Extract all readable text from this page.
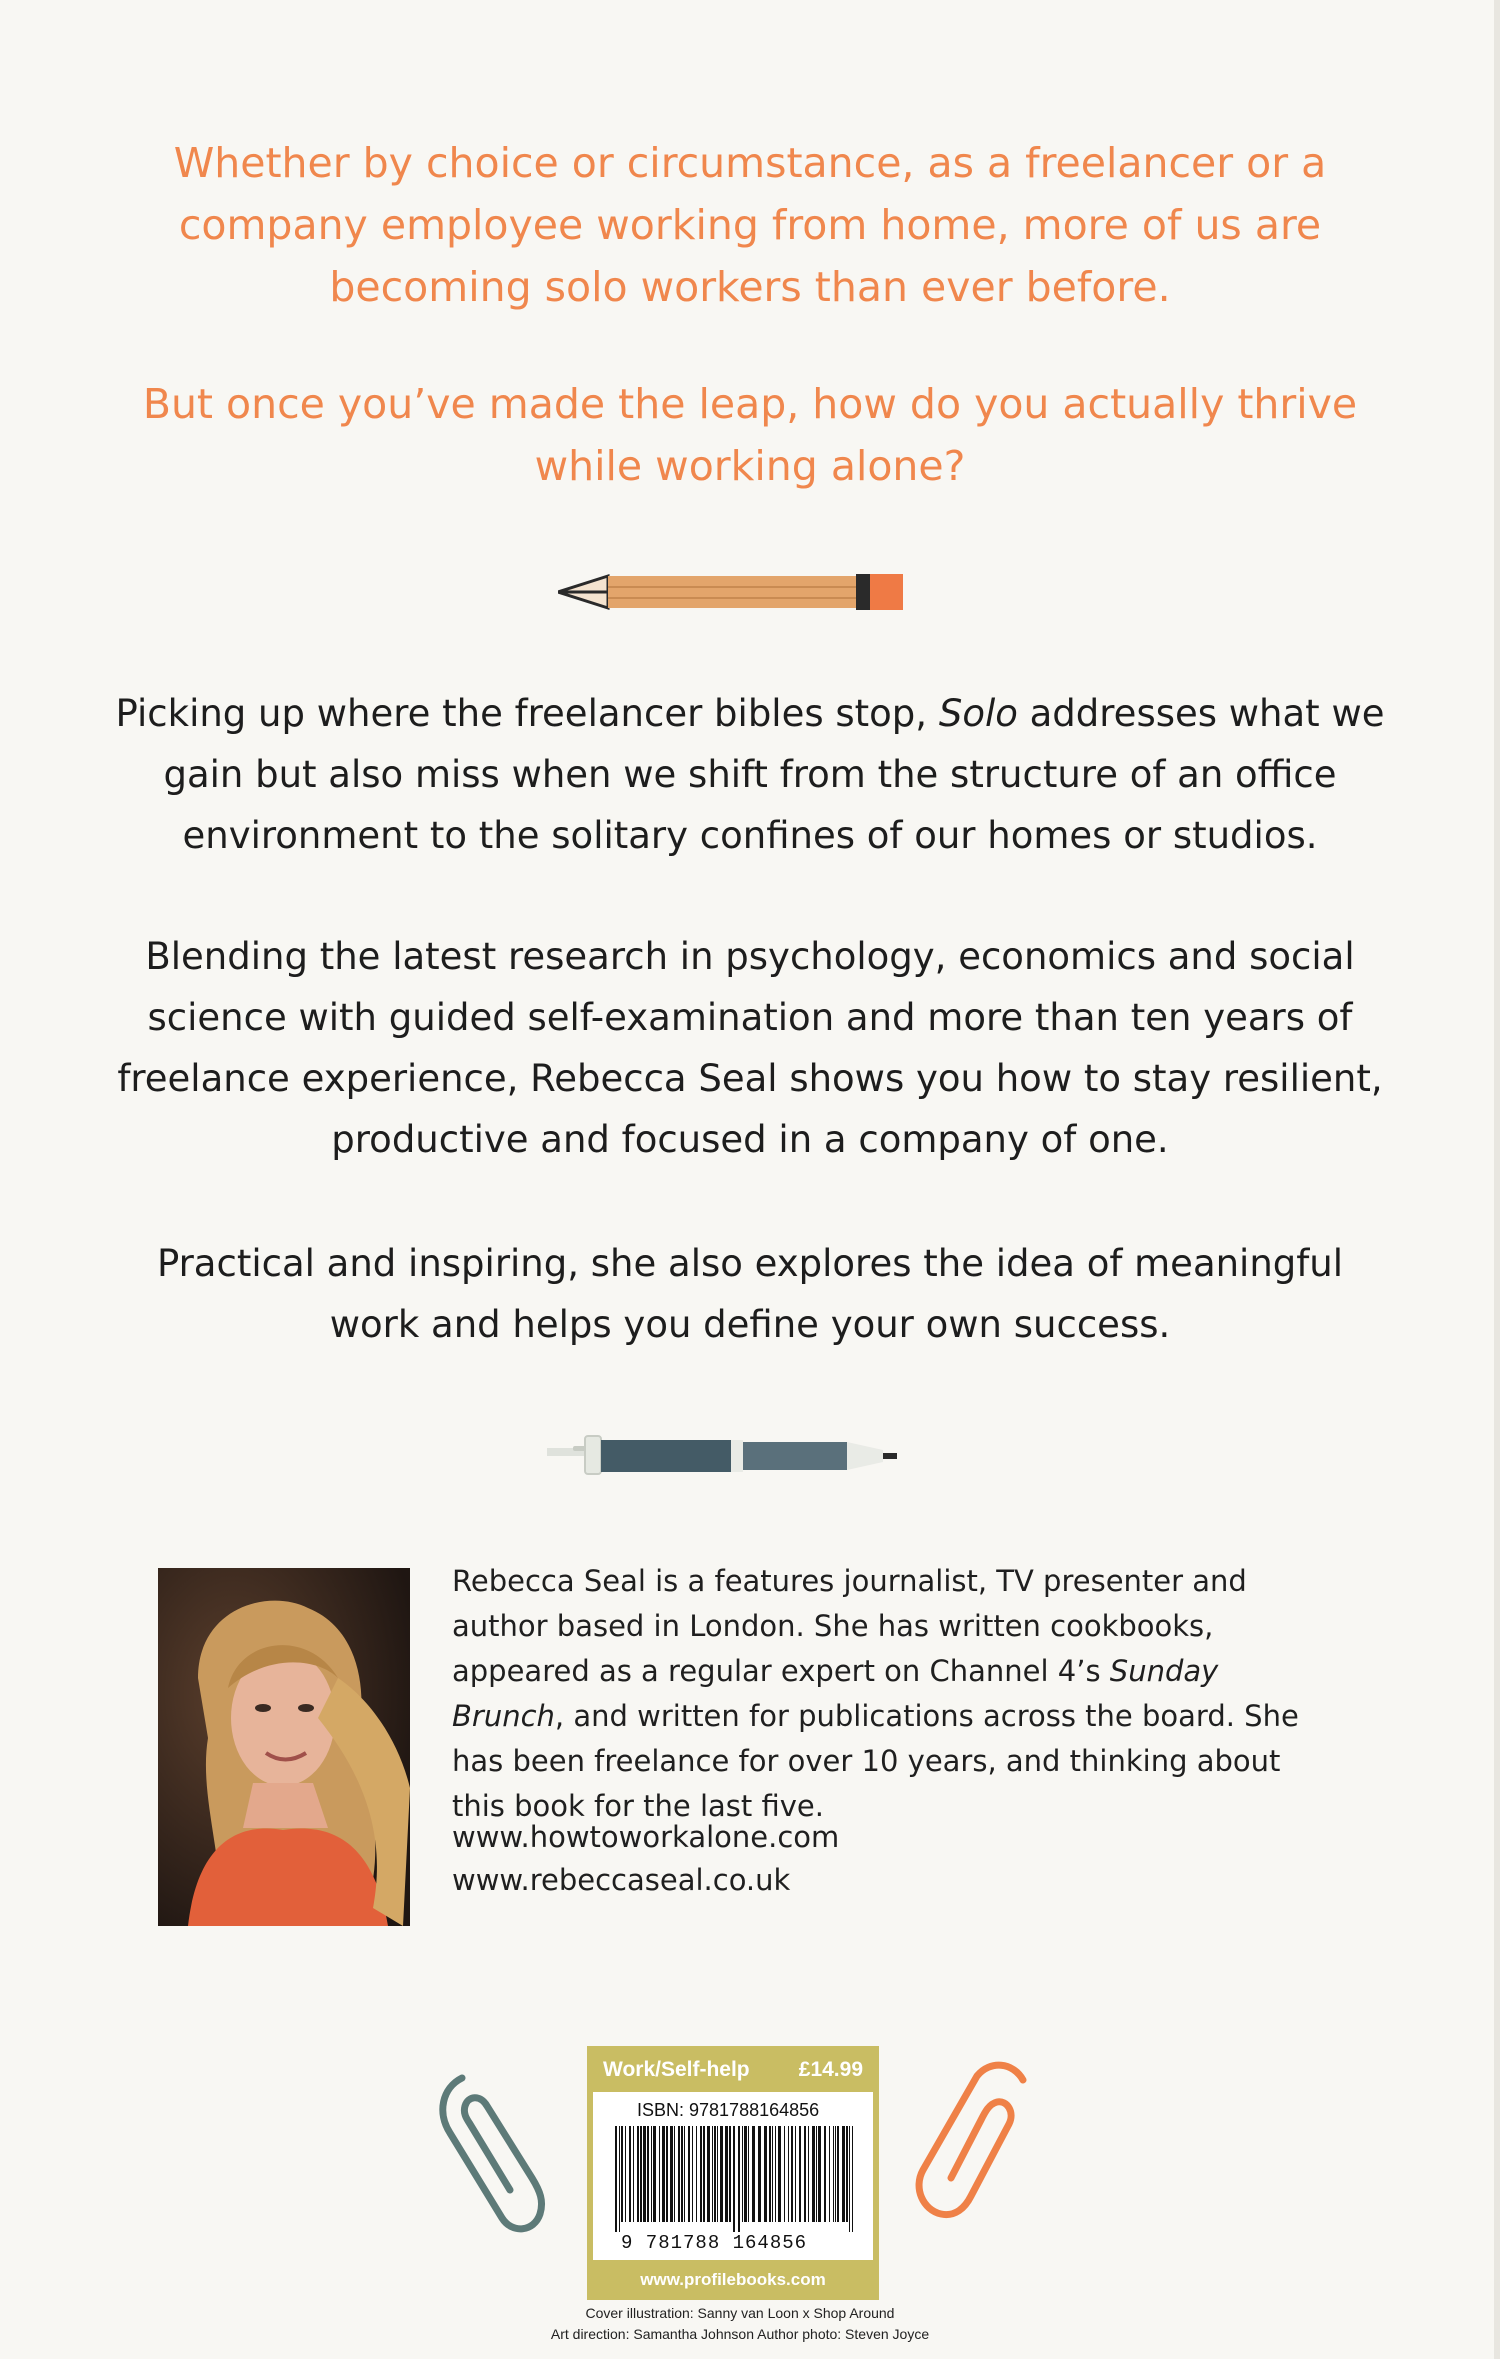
Whether by choice or circumstance, as a freelancer or a company employee working from home, more of us are becoming solo workers than ever before.

But once you’ve made the leap, how do you actually thrive while working alone?

Picking up where the freelancer bibles stop, Solo addresses what we gain but also miss when we shift from the structure of an office environment to the solitary confines of our homes or studios.

Blending the latest research in psychology, economics and social science with guided self-examination and more than ten years of freelance experience, Rebecca Seal shows you how to stay resilient, productive and focused in a company of one.

Practical and inspiring, she also explores the idea of meaningful work and helps you define your own success.

Rebecca Seal is a features journalist, TV presenter and author based in London. She has written cookbooks, appeared as a regular expert on Channel 4’s Sunday Brunch, and written for publications across the board. She has been freelance for over 10 years, and thinking about this book for the last five.

www.howtoworkalone.com
www.rebeccaseal.co.uk
Work/Self-help £14.99
ISBN: 9781788164856
9 781788 164856
www.profilebooks.com
Cover illustration: Sanny van Loon x Shop Around
Art direction: Samantha Johnson Author photo: Steven Joyce
